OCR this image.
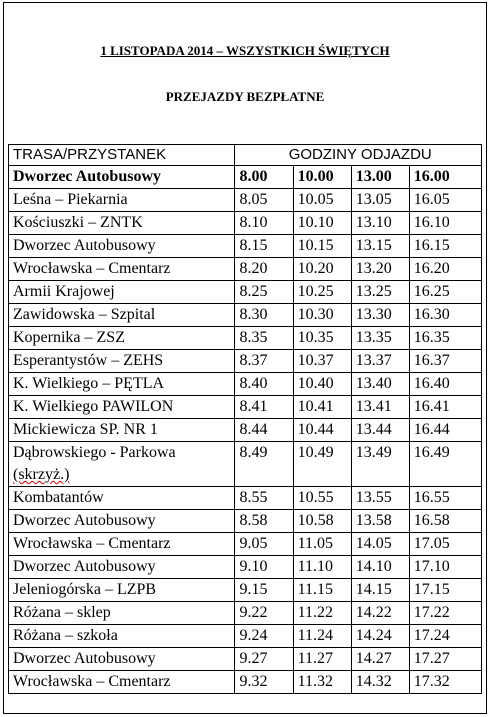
1 LISTOPADA 2014 – WSZYSTKICH ŚWIĘTYCH
PRZEJAZDY BEZPŁATNE
TRASA/PRZYSTANEK	GODZINY ODJAZDU			
Dworzec Autobusowy	8.00	10.00	13.00	16.00

Leśna – Piekarnia	8.05	10.05	13.05	16.05

Kościuszki – ZNTK	8.10	10.10	13.10	16.10

Dworzec Autobusowy	8.15	10.15	13.15	16.15

Wrocławska – Cmentarz	8.20	10.20	13.20	16.20

Armii Krajowej	8.25	10.25	13.25	16.25

Zawidowska – Szpital	8.30	10.30	13.30	16.30

Kopernika – ZSZ	8.35	10.35	13.35	16.35

Esperantystów – ZEHS	8.37	10.37	13.37	16.37

K. Wielkiego – PĘTLA	8.40	10.40	13.40	16.40

K. Wielkiego PAWILON	8.41	10.41	13.41	16.41

Mickiewicza SP. NR 1	8.44	10.44	13.44	16.44

Dąbrowskiego - Parkowa
(skrzyż.)	8.49	10.49	13.49	16.49

Kombatantów	8.55	10.55	13.55	16.55

Dworzec Autobusowy	8.58	10.58	13.58	16.58

Wrocławska – Cmentarz	9.05	11.05	14.05	17.05

Dworzec Autobusowy	9.10	11.10	14.10	17.10

Jeleniogórska – LZPB	9.15	11.15	14.15	17.15

Różana – sklep	9.22	11.22	14.22	17.22

Różana – szkoła	9.24	11.24	14.24	17.24

Dworzec Autobusowy	9.27	11.27	14.27	17.27

Wrocławska – Cmentarz	9.32	11.32	14.32	17.32
